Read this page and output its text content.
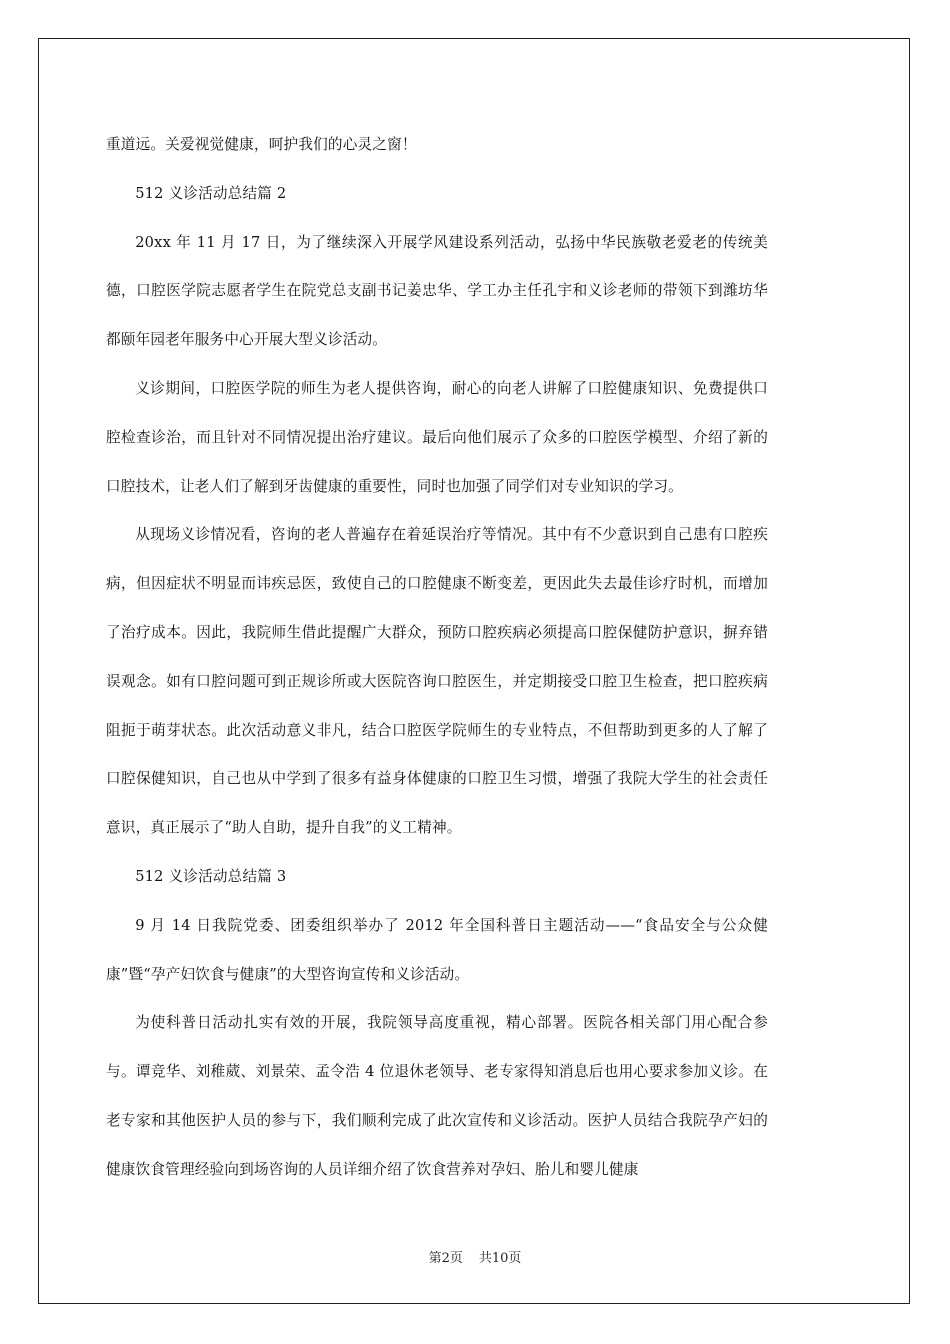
第2页 共10页

重道远。关爱视觉健康，呵护我们的心灵之窗！

512 义诊活动总结篇 2

20xx 年 11 月 17 日，为了继续深入开展学风建设系列活动，弘扬中华民族敬老爱老的传统美德，口腔医学院志愿者学生在院党总支副书记姜忠华、学工办主任孔宇和义诊老师的带领下到潍坊华都颐年园老年服务中心开展大型义诊活动。

义诊期间，口腔医学院的师生为老人提供咨询，耐心的向老人讲解了口腔健康知识、免费提供口腔检查诊治，而且针对不同情况提出治疗建议。最后向他们展示了众多的口腔医学模型、介绍了新的口腔技术，让老人们了解到牙齿健康的重要性，同时也加强了同学们对专业知识的学习。

从现场义诊情况看，咨询的老人普遍存在着延误治疗等情况。其中有不少意识到自己患有口腔疾病，但因症状不明显而讳疾忌医，致使自己的口腔健康不断变差，更因此失去最佳诊疗时机，而增加了治疗成本。因此，我院师生借此提醒广大群众，预防口腔疾病必须提高口腔保健防护意识，摒弃错误观念。如有口腔问题可到正规诊所或大医院咨询口腔医生，并定期接受口腔卫生检查，把口腔疾病阻扼于萌芽状态。此次活动意义非凡，结合口腔医学院师生的专业特点，不但帮助到更多的人了解了口腔保健知识，自己也从中学到了很多有益身体健康的口腔卫生习惯，增强了我院大学生的社会责任意识，真正展示了“助人自助，提升自我”的义工精神。

512 义诊活动总结篇 3

9 月 14 日我院党委、团委组织举办了 2012 年全国科普日主题活动——“食品安全与公众健康”暨“孕产妇饮食与健康”的大型咨询宣传和义诊活动。

为使科普日活动扎实有效的开展，我院领导高度重视，精心部署。医院各相关部门用心配合参与。谭竞华、刘稚葳、刘景荣、孟令浩 4 位退休老领导、老专家得知消息后也用心要求参加义诊。在老专家和其他医护人员的参与下，我们顺利完成了此次宣传和义诊活动。医护人员结合我院孕产妇的健康饮食管理经验向到场咨询的人员详细介绍了饮食营养对孕妇、胎儿和婴儿健康
